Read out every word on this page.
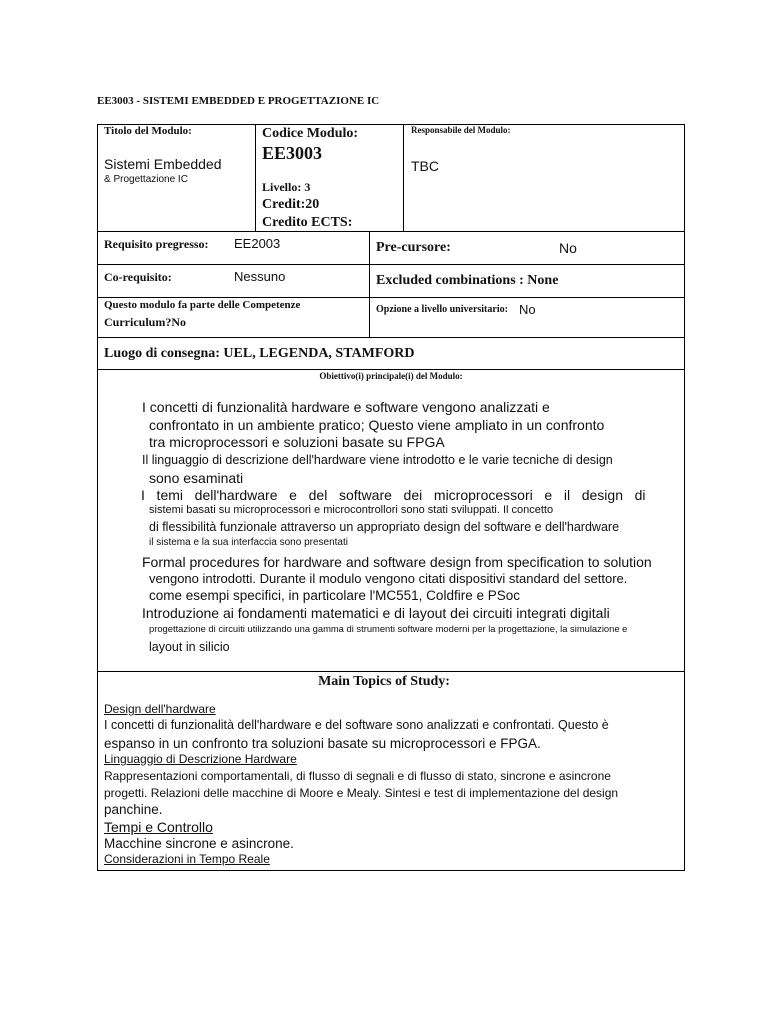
EE3003 - SISTEMI EMBEDDED E PROGETTAZIONE IC
Titolo del Modulo:
Sistemi Embedded
& Progettazione IC
Codice Modulo:
EE3003
Livello: 3
Credit:20
Credito ECTS:
Responsabile del Modulo:
TBC
Requisito pregresso: EE2003	Pre-cursore:	No
Co-requisito:	Nessuno	Excluded combinations : None
Questo modulo fa parte delle Competenze
Curriculum?No
Opzione a livello universitario: No
Luogo di consegna: UEL, LEGENDA, STAMFORD
Obiettivo(i) principale(i) del Modulo:
I concetti di funzionalità hardware e software vengono analizzati e
confrontato in un ambiente pratico; Questo viene ampliato in un confronto
tra microprocessori e soluzioni basate su FPGA
Il linguaggio di descrizione dell'hardware viene introdotto e le varie tecniche di design
sono esaminati
I   temi   dell'hardware   e   del   software   dei   microprocessori   e   il   design   di
sistemi basati su microprocessori e microcontrollori sono stati sviluppati. Il concetto
di flessibilità funzionale attraverso un appropriato design del software e dell'hardware
il sistema e la sua interfaccia sono presentati
Formal procedures for hardware and software design from specification to solution
vengono introdotti. Durante il modulo vengono citati dispositivi standard del settore.
come esempi specifici, in particolare l'MC551, Coldfire e PSoc
Introduzione ai fondamenti matematici e di layout dei circuiti integrati digitali
progettazione di circuiti utilizzando una gamma di strumenti software moderni per la progettazione, la simulazione e
layout in silicio
Main Topics of Study:
Design dell'hardware
I concetti di funzionalità dell'hardware e del software sono analizzati e confrontati. Questo è
espanso in un confronto tra soluzioni basate su microprocessori e FPGA.
Linguaggio di Descrizione Hardware
Rappresentazioni comportamentali, di flusso di segnali e di flusso di stato, sincrone e asincrone
progetti. Relazioni delle macchine di Moore e Mealy. Sintesi e test di implementazione del design
panchine.
Tempi e Controllo
Macchine sincrone e asincrone.
Considerazioni in Tempo Reale
